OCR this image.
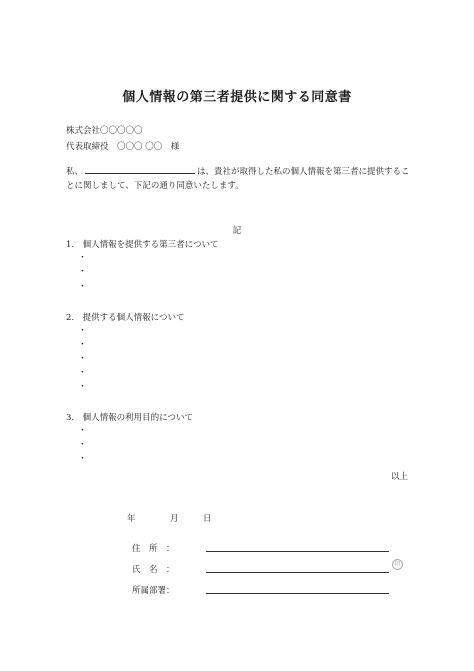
個人情報の第三者提供に関する同意書
株式会社〇〇〇〇〇
代表取締役　〇〇〇 〇〇　様
私、	は、貴社が取得した私の個人情報を第三者に提供するこ
とに関しまして、下記の通り同意いたします。
記
1.　個人情報を提供する第三者について
・
・
・
2.　提供する個人情報について
・
・
・
・
・
3.　個人情報の利用目的について
・
・
・
以上
年	月	日
住　所　：
氏　名　：
印
所属部署：
